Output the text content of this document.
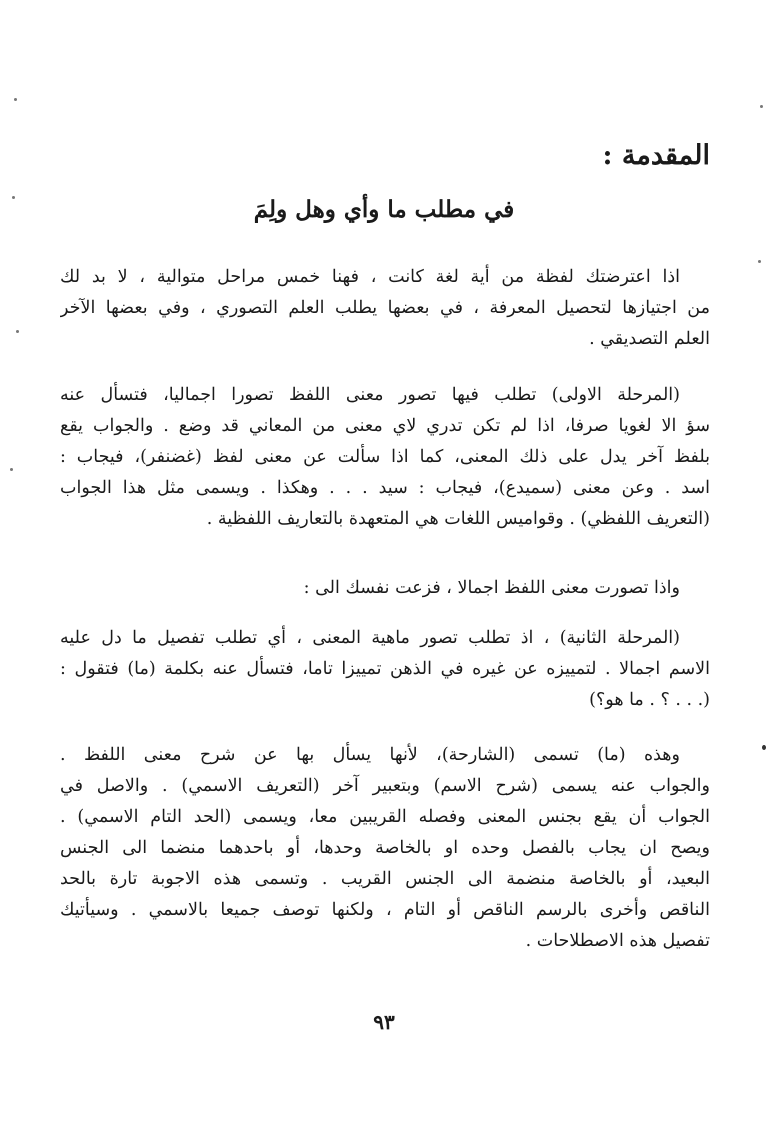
المقدمة :
في مطلب ما وأي وهل ولِمَ
اذا اعترضتك لفظة من أية لغة كانت ، فهنا خمس مراحل متوالية ، لا بد لك
من اجتيازها لتحصيل المعرفة ، في بعضها يطلب العلم التصوري ، وفي بعضها الآخر
العلم التصديقي .
(المرحلة الاولى) تطلب فيها تصور معنى اللفظ تصورا اجماليا، فتسأل عنه
سؤ الا لغويا صرفا، اذا لم تكن تدري لاي معنى من المعاني قد وضع . والجواب يقع
بلفظ آخر يدل على ذلك المعنى، كما اذا سألت عن معنى لفظ (غضنفر)، فيجاب :
اسد . وعن معنى (سميدع)، فيجاب : سيد . . . وهكذا . ويسمى مثل هذا الجواب
(التعريف اللفظي) . وقواميس اللغات هي المتعهدة بالتعاريف اللفظية .
واذا تصورت معنى اللفظ اجمالا ، فزعت نفسك الى :
(المرحلة الثانية) ، اذ تطلب تصور ماهية المعنى ، أي تطلب تفصيل ما دل عليه
الاسم اجمالا . لتمييزه عن غيره في الذهن تمييزا تاما، فتسأل عنه بكلمة (ما) فتقول :
(. . . ؟ . ما هو؟)
وهذه (ما) تسمى (الشارحة)، لأنها يسأل بها عن شرح معنى اللفظ .
والجواب عنه يسمى (شرح الاسم) وبتعبير آخر (التعريف الاسمي) . والاصل في
الجواب أن يقع بجنس المعنى وفصله القريبين معا، ويسمى (الحد التام الاسمي) .
ويصح ان يجاب بالفصل وحده او بالخاصة وحدها، أو باحدهما منضما الى الجنس
البعيد، أو بالخاصة منضمة الى الجنس القريب . وتسمى هذه الاجوبة تارة بالحد
الناقص وأخرى بالرسم الناقص أو التام ، ولكنها توصف جميعا بالاسمي . وسيأتيك
تفصيل هذه الاصطلاحات .
٩٣
